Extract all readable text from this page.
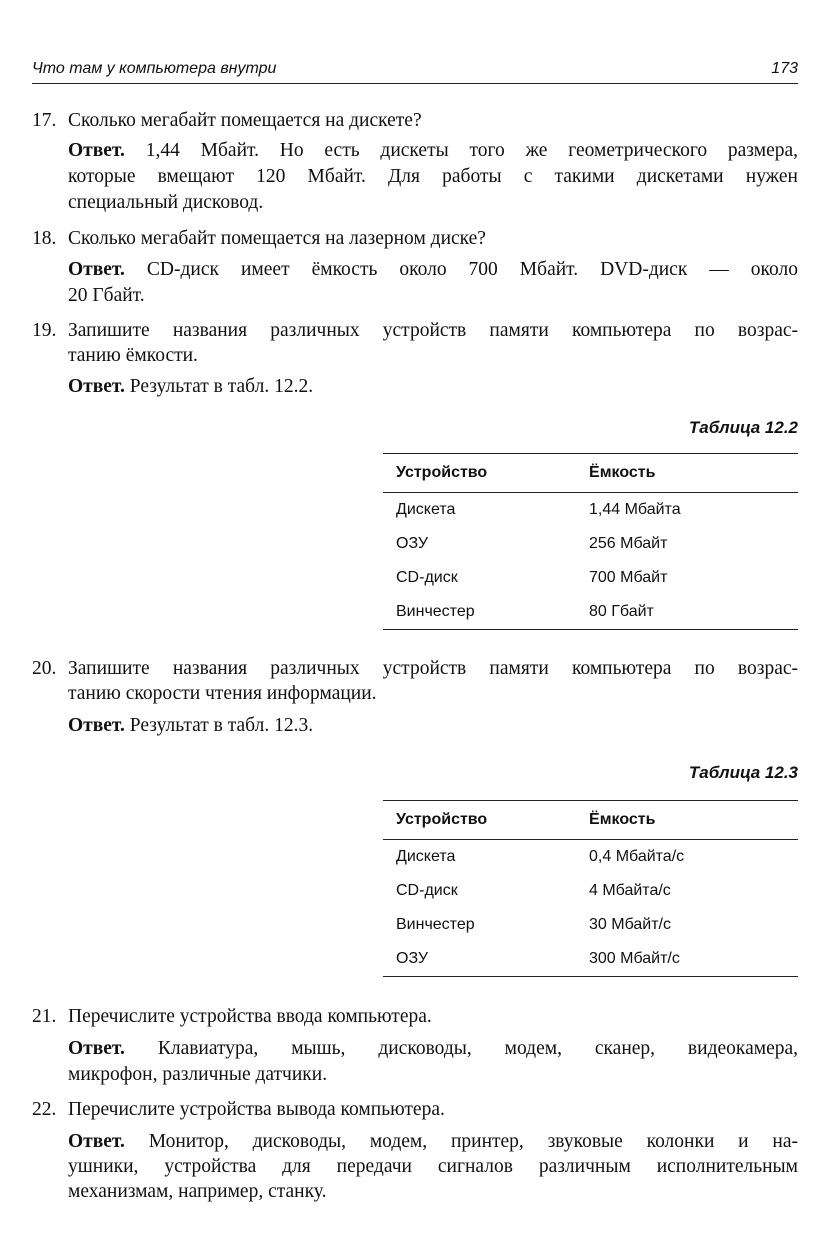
Что там у компьютера внутри	173
17. Сколько мегабайт помещается на дискете?
Ответ. 1,44 Мбайт. Но есть дискеты того же геометрического размера,
которые вмещают 120 Мбайт. Для работы с такими дискетами нужен
специальный дисковод.
18. Сколько мегабайт помещается на лазерном диске?
Ответ. CD-диск имеет ёмкость около 700 Мбайт. DVD-диск — около
20 Гбайт.
19. Запишите названия различных устройств памяти компьютера по возрас-
танию ёмкости.
Ответ. Результат в табл. 12.2.
20. Запишите названия различных устройств памяти компьютера по возрас-
танию скорости чтения информации.
Ответ. Результат в табл. 12.3.
21. Перечислите устройства ввода компьютера.
Ответ. Клавиатура, мышь, дисководы, модем, сканер, видеокамера,
микрофон, различные датчики.
22. Перечислите устройства вывода компьютера.
Ответ. Монитор, дисководы, модем, принтер, звуковые колонки и на-
ушники, устройства для передачи сигналов различным исполнительным
механизмам, например, станку.
Таблица 12.2
Устройство	Ёмкость
Дискета	1,44 Мбайта
ОЗУ	256 Мбайт
CD-диск	700 Мбайт
Винчестер	80 Гбайт
Таблица 12.3
Устройство	Ёмкость
Дискета	0,4 Мбайта/с
CD-диск	4 Мбайта/с
Винчестер	30 Мбайт/с
ОЗУ	300 Мбайт/с
